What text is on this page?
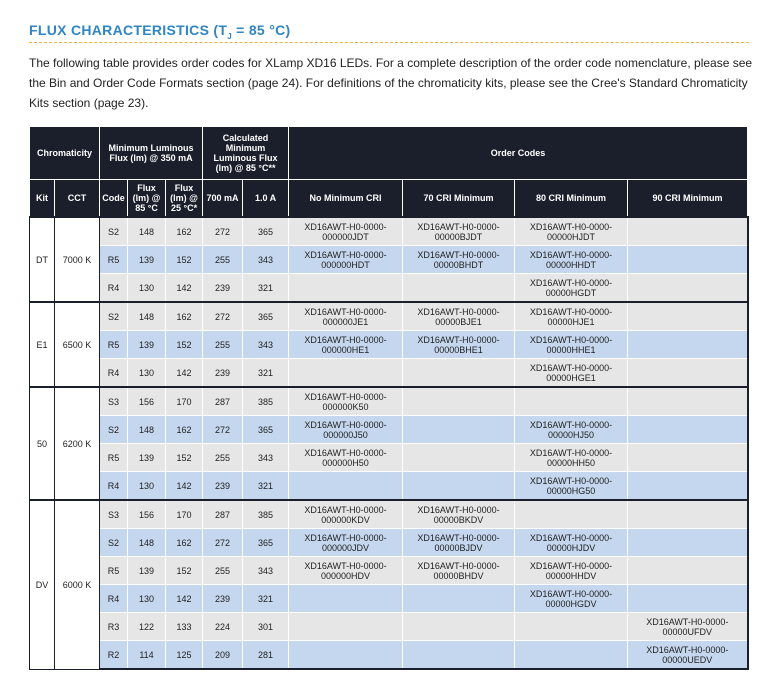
FLUX CHARACTERISTICS ($T_J = 85$ °C)
The following table provides order codes for XLamp XD16 LEDs. For a complete description of the order code nomenclature, please see the Bin and Order Code Formats section (page 24). For definitions of the chromaticity kits, please see the Cree's Standard Chromaticity Kits section (page 23).
Chromaticity		Minimum Luminous Flux (lm) @ 350 mA			Calculated Minimum Luminous Flux (lm) @ 85 °C**		Order Codes			
Kit	CCT	Code	Flux (lm) @ 85 °C	Flux (lm) @ 25 °C*	700 mA	1.0 A	No Minimum CRI	70 CRI Minimum	80 CRI Minimum	90 CRI Minimum
DT	7000 K	S2	148	162	272	365	XD16AWT-H0-0000-000000JDT	XD16AWT-H0-0000-00000BJDT	XD16AWT-H0-0000-00000HJDT	
		R5	139	152	255	343	XD16AWT-H0-0000-000000HDT	XD16AWT-H0-0000-00000BHDT	XD16AWT-H0-0000-00000HHDT	
		R4	130	142	239	321			XD16AWT-H0-0000-00000HGDT	
E1	6500 K	S2	148	162	272	365	XD16AWT-H0-0000-000000JE1	XD16AWT-H0-0000-00000BJE1	XD16AWT-H0-0000-00000HJE1	
		R5	139	152	255	343	XD16AWT-H0-0000-000000HE1	XD16AWT-H0-0000-00000BHE1	XD16AWT-H0-0000-00000HHE1	
		R4	130	142	239	321			XD16AWT-H0-0000-00000HGE1	
50	6200 K	S3	156	170	287	385	XD16AWT-H0-0000-000000K50			
		S2	148	162	272	365	XD16AWT-H0-0000-000000J50		XD16AWT-H0-0000-00000HJ50	
		R5	139	152	255	343	XD16AWT-H0-0000-000000H50		XD16AWT-H0-0000-00000HH50	
		R4	130	142	239	321			XD16AWT-H0-0000-00000HG50	
DV	6000 K	S3	156	170	287	385	XD16AWT-H0-0000-000000KDV	XD16AWT-H0-0000-00000BKDV		
		S2	148	162	272	365	XD16AWT-H0-0000-000000JDV	XD16AWT-H0-0000-00000BJDV	XD16AWT-H0-0000-00000HJDV	
		R5	139	152	255	343	XD16AWT-H0-0000-000000HDV	XD16AWT-H0-0000-00000BHDV	XD16AWT-H0-0000-00000HHDV	
		R4	130	142	239	321			XD16AWT-H0-0000-00000HGDV	
		R3	122	133	224	301				XD16AWT-H0-0000-00000UFDV
		R2	114	125	209	281				XD16AWT-H0-0000-00000UEDV
